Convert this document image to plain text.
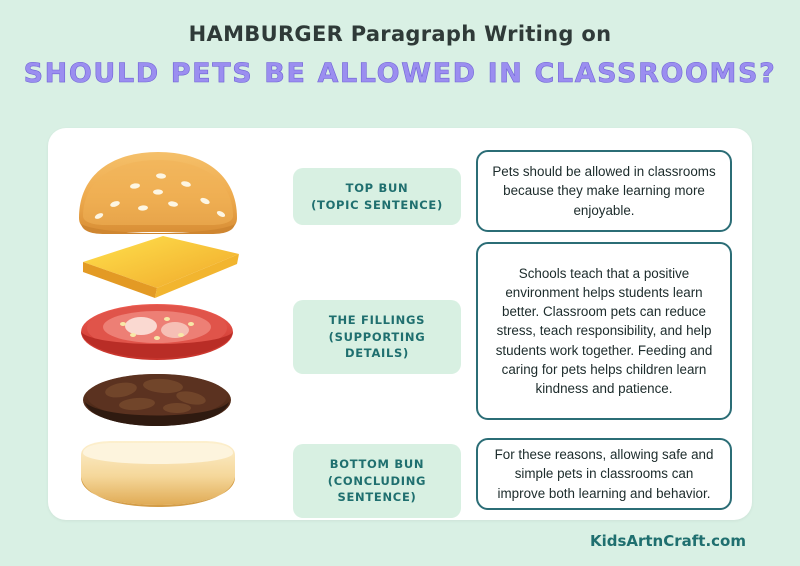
HAMBURGER Paragraph Writing on
SHOULD PETS BE ALLOWED IN CLASSROOMS?
TOP BUN
(TOPIC SENTENCE)
THE FILLINGS
(SUPPORTING
DETAILS)
BOTTOM BUN
(CONCLUDING
SENTENCE)
Pets should be allowed in classrooms because they make learning more enjoyable.
Schools teach that a positive environment helps students learn better. Classroom pets can reduce stress, teach responsibility, and help students work together. Feeding and caring for pets helps children learn kindness and patience.
For these reasons, allowing safe and simple pets in classrooms can improve both learning and behavior.
KidsArtnCraft.com
